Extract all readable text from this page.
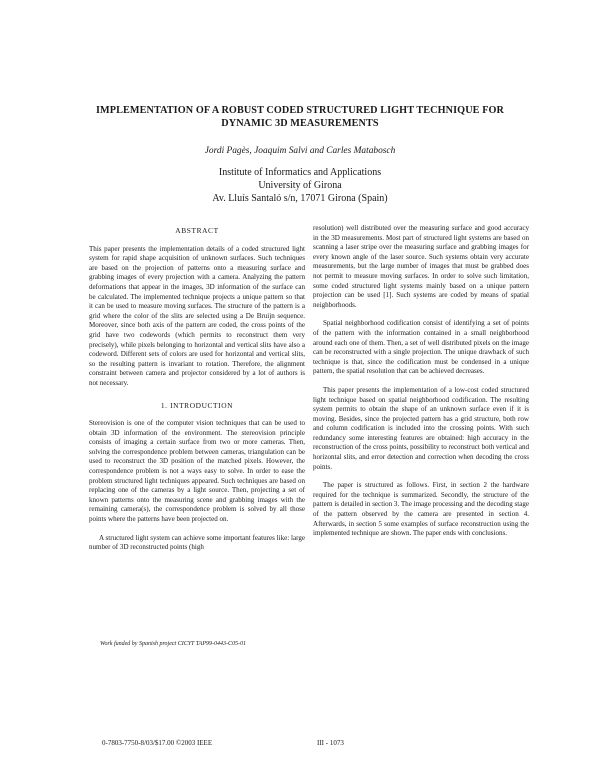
IMPLEMENTATION OF A ROBUST CODED STRUCTURED LIGHT TECHNIQUE FOR
DYNAMIC 3D MEASUREMENTS
Jordi Pagès, Joaquim Salvi and Carles Matabosch
Institute of Informatics and Applications
University of Girona
Av. Lluís Santaló s/n, 17071 Girona (Spain)
ABSTRACT

This paper presents the implementation details of a coded structured light system for rapid shape acquisition of unknown surfaces. Such techniques are based on the projection of patterns onto a measuring surface and grabbing images of every projection with a camera. Analyzing the pattern deformations that appear in the images, 3D information of the surface can be calculated. The implemented technique projects a unique pattern so that it can be used to measure moving surfaces. The structure of the pattern is a grid where the color of the slits are selected using a De Bruijn sequence. Moreover, since both axis of the pattern are coded, the cross points of the grid have two codewords (which permits to reconstruct them very precisely), while pixels belonging to horizontal and vertical slits have also a codeword. Different sets of colors are used for horizontal and vertical slits, so the resulting pattern is invariant to rotation. Therefore, the alignment constraint between camera and projector considered by a lot of authors is not necessary.

1. INTRODUCTION

Stereovision is one of the computer vision techniques that can be used to obtain 3D information of the environment. The stereovision principle consists of imaging a certain surface from two or more cameras. Then, solving the correspondence problem between cameras, triangulation can be used to reconstruct the 3D position of the matched pixels. However, the correspondence problem is not a ways easy to solve. In order to ease the problem structured light techniques appeared. Such techniques are based on replacing one of the cameras by a light source. Then, projecting a set of known patterns onto the measuring scene and grabbing images with the remaining camera(s), the correspondence problem is solved by all those points where the patterns have been projected on.

A structured light system can achieve some important features like: large number of 3D reconstructed points (high

resolution) well distributed over the measuring surface and good accuracy in the 3D measurements. Most part of structured light systems are based on scanning a laser stripe over the measuring surface and grabbing images for every known angle of the laser source. Such systems obtain very accurate measurements, but the large number of images that must be grabbed does not permit to measure moving surfaces. In order to solve such limitation, some coded structured light systems mainly based on a unique pattern projection can be used [1]. Such systems are coded by means of spatial neighborhoods.

Spatial neighborhood codification consist of identifying a set of points of the pattern with the information contained in a small neighborhood around each one of them. Then, a set of well distributed pixels on the image can be reconstructed with a single projection. The unique drawback of such technique is that, since the codification must be condensed in a unique pattern, the spatial resolution that can be achieved decreases.

This paper presents the implementation of a low-cost coded structured light technique based on spatial neighborhood codification. The resulting system permits to obtain the shape of an unknown surface even if it is moving. Besides, since the projected pattern has a grid structure, both row and column codification is included into the crossing points. With such redundancy some interesting features are obtained: high accuracy in the reconstruction of the cross points, possibility to reconstruct both vertical and horizontal slits, and error detection and correction when decoding the cross points.

The paper is structured as follows. First, in section 2 the hardware required for the technique is summarized. Secondly, the structure of the pattern is detailed in section 3. The image processing and the decoding stage of the pattern observed by the camera are presented in section 4. Afterwards, in section 5 some examples of surface reconstruction using the implemented technique are shown. The paper ends with conclusions.

Work funded by Spanish project CICYT TAP99-0443-C05-01
0-7803-7750-8/03/$17.00 ©2003 IEEE	III - 1073
